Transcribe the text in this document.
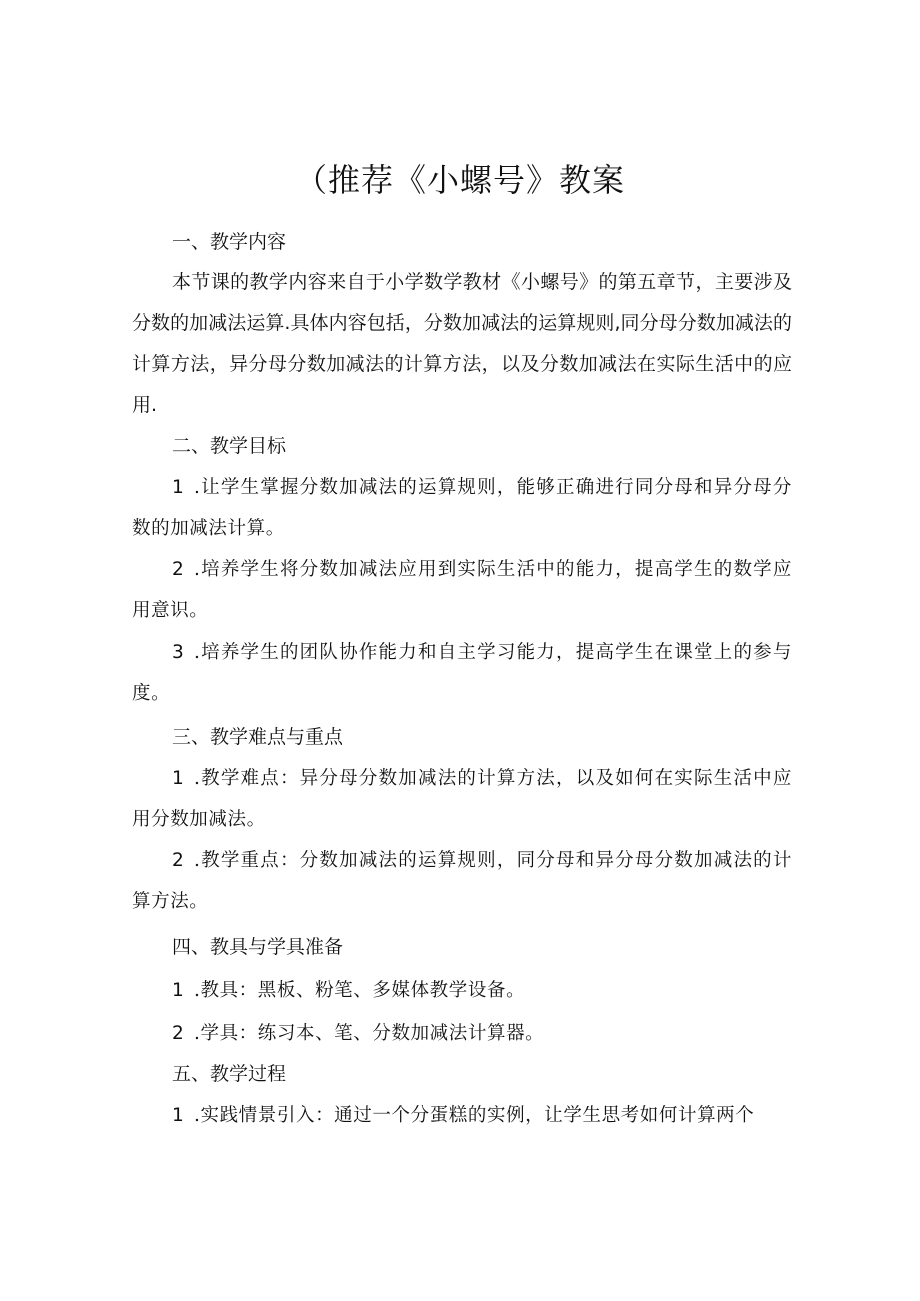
（推荐《小螺号》教案
一、教学内容

本节课的教学内容来自于小学数学教材《小螺号》的第五章节，主要涉及分数的加减法运算.具体内容包括，分数加减法的运算规则,同分母分数加减法的计算方法，异分母分数加减法的计算方法，以及分数加减法在实际生活中的应用.

二、教学目标

1 .让学生掌握分数加减法的运算规则，能够正确进行同分母和异分母分数的加减法计算。

2 .培养学生将分数加减法应用到实际生活中的能力，提高学生的数学应用意识。

3 .培养学生的团队协作能力和自主学习能力，提高学生在课堂上的参与度。

三、教学难点与重点

1 .教学难点：异分母分数加减法的计算方法，以及如何在实际生活中应用分数加减法。

2 .教学重点：分数加减法的运算规则，同分母和异分母分数加减法的计算方法。

四、教具与学具准备

1 .教具：黑板、粉笔、多媒体教学设备。

2 .学具：练习本、笔、分数加减法计算器。

五、教学过程

1 .实践情景引入：通过一个分蛋糕的实例，让学生思考如何计算两个
